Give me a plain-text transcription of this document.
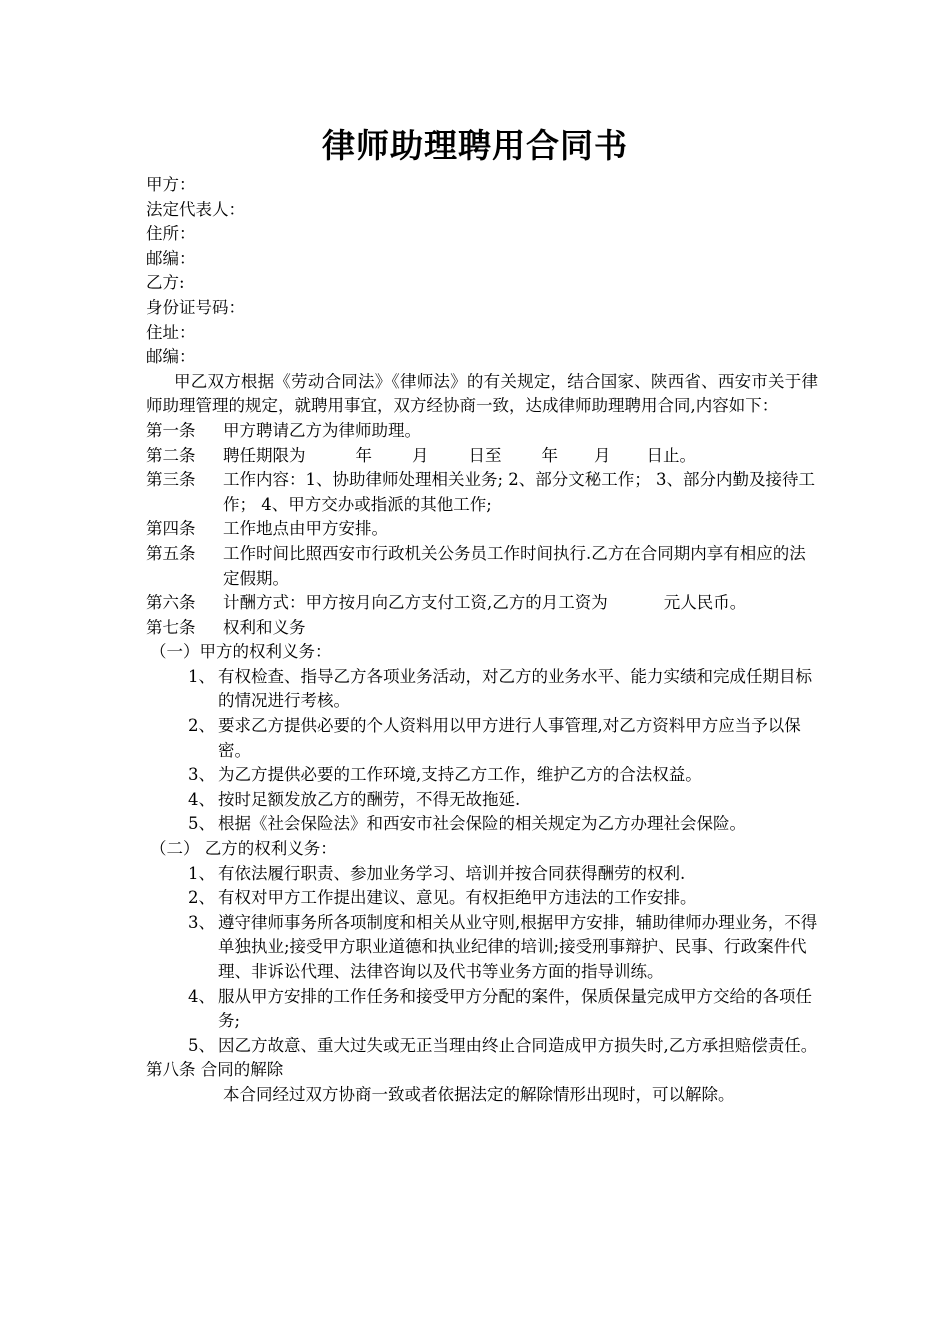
律师助理聘用合同书
甲方：
法定代表人：
住所：
邮编：
乙方:
身份证号码：
住址：
邮编：
甲乙双方根据《劳动合同法》《律师法》的有关规定，结合国家、陕西省、西安市关于律师助理管理的规定，就聘用事宜，双方经协商一致，达成律师助理聘用合同,内容如下：
第一条	甲方聘请乙方为律师助理。
第二条	聘任期限为	年 月 日至 年 月 日止。
第三条	工作内容：1、协助律师处理相关业务; 2、部分文秘工作； 3、部分内勤及接待工作； 4、甲方交办或指派的其他工作;
第四条	工作地点由甲方安排。
第五条	工作时间比照西安市行政机关公务员工作时间执行.乙方在合同期内享有相应的法定假期。
第六条	计酬方式：甲方按月向乙方支付工资,乙方的月工资为	元人民币。
第七条	权利和义务
（一）甲方的权利义务：
1、 有权检查、指导乙方各项业务活动，对乙方的业务水平、能力实绩和完成任期目标的情况进行考核。
2、 要求乙方提供必要的个人资料用以甲方进行人事管理,对乙方资料甲方应当予以保密。
3、 为乙方提供必要的工作环境,支持乙方工作，维护乙方的合法权益。
4、 按时足额发放乙方的酬劳，不得无故拖延.
5、 根据《社会保险法》和西安市社会保险的相关规定为乙方办理社会保险。
（二） 乙方的权利义务：
1、 有依法履行职责、参加业务学习、培训并按合同获得酬劳的权利.
2、 有权对甲方工作提出建议、意见。有权拒绝甲方违法的工作安排。
3、 遵守律师事务所各项制度和相关从业守则,根据甲方安排，辅助律师办理业务，不得单独执业;接受甲方职业道德和执业纪律的培训;接受刑事辩护、民事、行政案件代理、非诉讼代理、法律咨询以及代书等业务方面的指导训练。
4、 服从甲方安排的工作任务和接受甲方分配的案件，保质保量完成甲方交给的各项任务;
5、 因乙方故意、重大过失或无正当理由终止合同造成甲方损失时,乙方承担赔偿责任。
第八条 合同的解除
本合同经过双方协商一致或者依据法定的解除情形出现时，可以解除。
